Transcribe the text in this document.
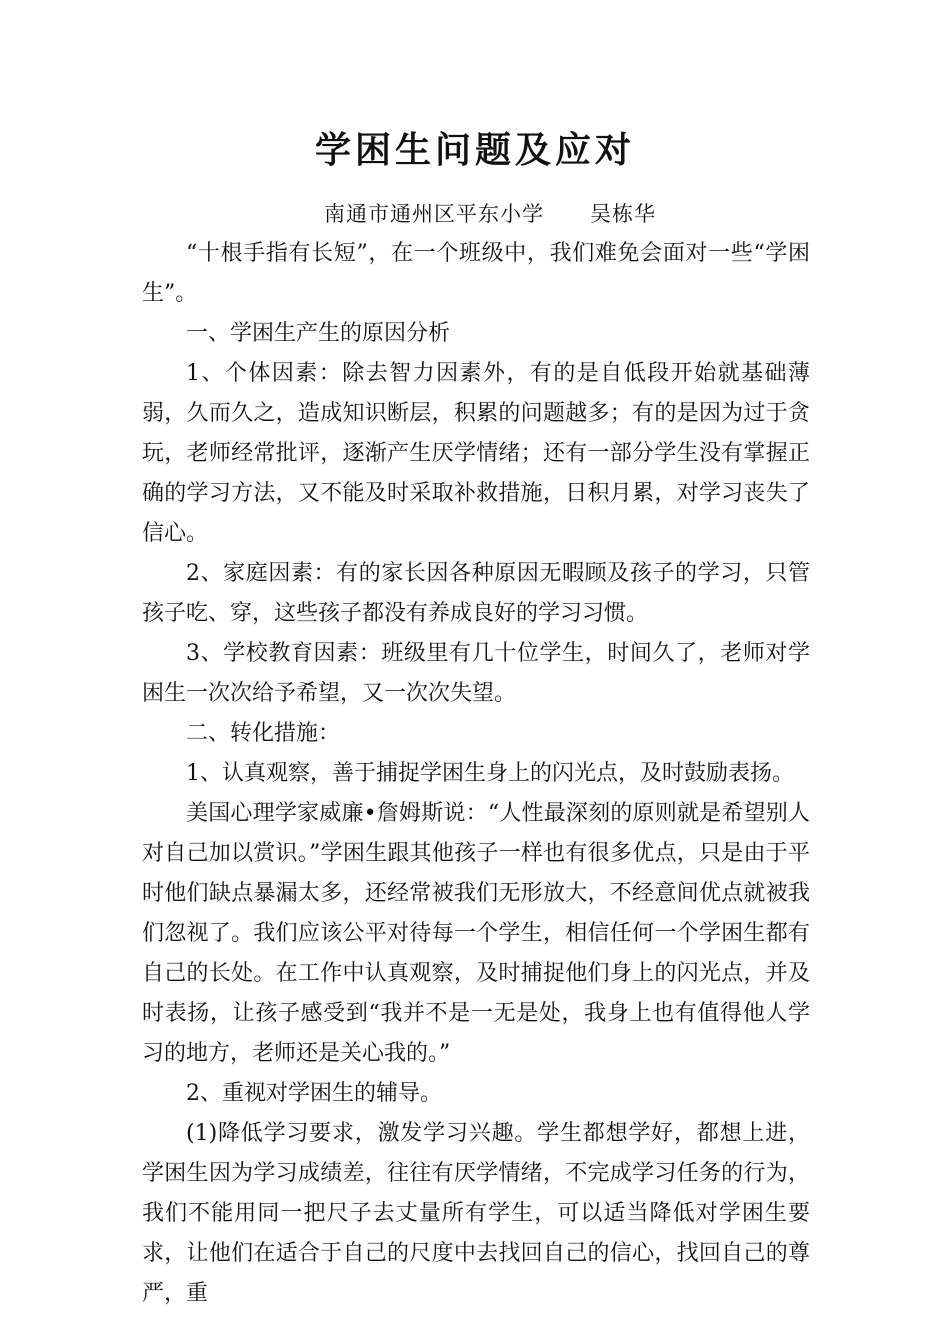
学困生问题及应对
南通市通州区平东小学      吴栋华

“十根手指有长短”，在一个班级中，我们难免会面对一些“学困生”。

一、学困生产生的原因分析

1、个体因素：除去智力因素外，有的是自低段开始就基础薄弱，久而久之，造成知识断层，积累的问题越多；有的是因为过于贪玩，老师经常批评，逐渐产生厌学情绪；还有一部分学生没有掌握正确的学习方法，又不能及时采取补救措施，日积月累，对学习丧失了信心。

2、家庭因素：有的家长因各种原因无暇顾及孩子的学习，只管孩子吃、穿，这些孩子都没有养成良好的学习习惯。

3、学校教育因素：班级里有几十位学生，时间久了，老师对学困生一次次给予希望，又一次次失望。

二、转化措施：

1、认真观察，善于捕捉学困生身上的闪光点，及时鼓励表扬。

美国心理学家威廉•詹姆斯说：“人性最深刻的原则就是希望别人对自己加以赏识。”学困生跟其他孩子一样也有很多优点，只是由于平时他们缺点暴漏太多，还经常被我们无形放大，不经意间优点就被我们忽视了。我们应该公平对待每一个学生，相信任何一个学困生都有自己的长处。在工作中认真观察，及时捕捉他们身上的闪光点，并及时表扬，让孩子感受到“我并不是一无是处，我身上也有值得他人学习的地方，老师还是关心我的。”

2、重视对学困生的辅导。

(1)降低学习要求，激发学习兴趣。学生都想学好，都想上进，学困生因为学习成绩差，往往有厌学情绪，不完成学习任务的行为，我们不能用同一把尺子去丈量所有学生，可以适当降低对学困生要求，让他们在适合于自己的尺度中去找回自己的信心，找回自己的尊严，重
